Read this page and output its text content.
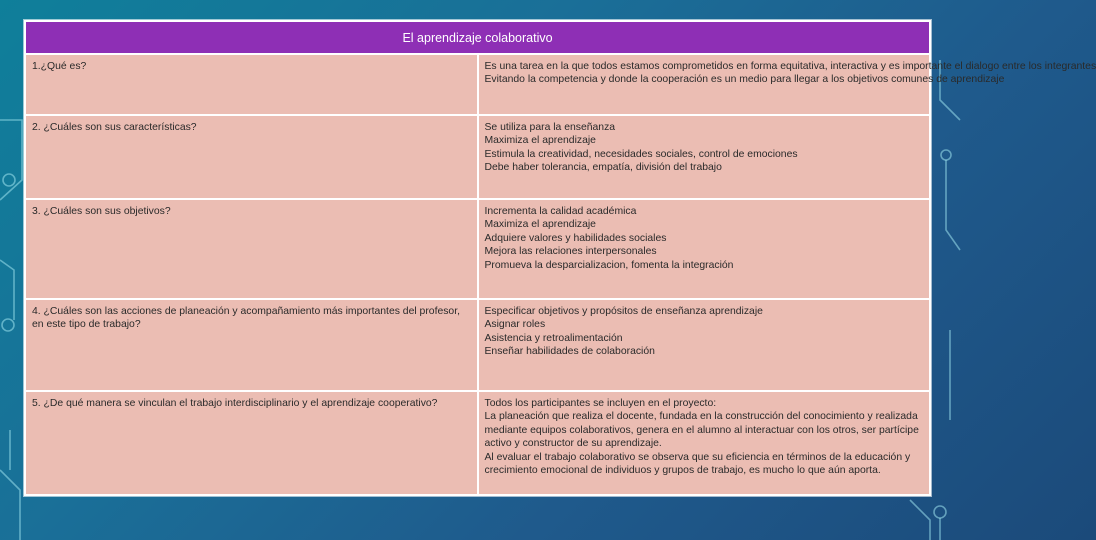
El aprendizaje colaborativo	
1.¿Qué es?	Es una tarea en la que todos estamos comprometidos en forma equitativa, interactiva y es importante el dialogo entre los integrantes
Evitando la competencia y donde la cooperación es un medio para llegar a los objetivos comunes de aprendizaje

2. ¿Cuáles son sus características?	Se utiliza para la enseñanza
Maximiza el aprendizaje
Estimula la creatividad, necesidades sociales, control de emociones
Debe haber tolerancia, empatía, división del trabajo

3. ¿Cuáles son sus objetivos?	Incrementa la calidad académica
Maximiza el aprendizaje
Adquiere valores y habilidades sociales
Mejora las relaciones interpersonales
Promueva la desparcializacion, fomenta la integración

4. ¿Cuáles son las acciones de planeación y acompañamiento más importantes del profesor, en este tipo de trabajo?	Especificar objetivos y propósitos de enseñanza aprendizaje
Asignar roles
Asistencia y retroalimentación
Enseñar habilidades de colaboración

5. ¿De qué manera se vinculan el trabajo interdisciplinario y el aprendizaje cooperativo?	Todos los participantes se incluyen en el proyecto:
La planeación que realiza el docente, fundada en la construcción del conocimiento y realizada mediante equipos colaborativos, genera en el alumno al interactuar con los otros, ser partícipe activo y constructor de su aprendizaje.
Al evaluar el trabajo colaborativo se observa que su eficiencia en términos de la educación y crecimiento emocional de individuos y grupos de trabajo, es mucho lo que aún aporta.
